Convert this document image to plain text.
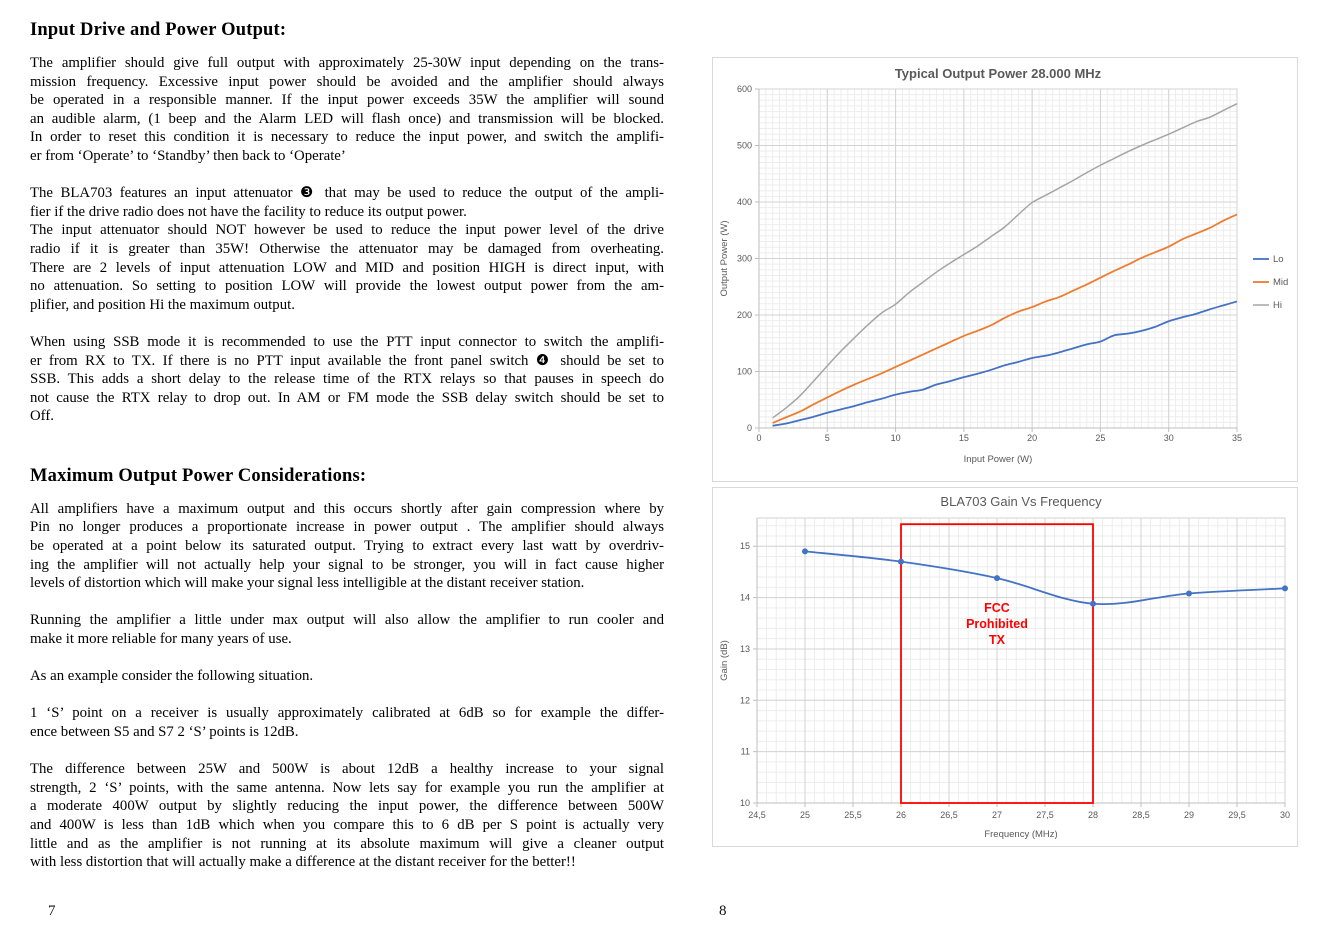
Input Drive and Power Output:
The amplifier should give full output with approximately 25-30W input depending on the trans-
mission frequency. Excessive input power should be avoided and the amplifier should always
be operated in a responsible manner. If the input power exceeds 35W the amplifier will sound
an audible alarm, (1 beep and the Alarm LED will flash once) and transmission will be blocked.
In order to reset this condition it is necessary to reduce the input power, and switch the amplifi-
er from ‘Operate’ to ‘Standby’ then back to ‘Operate’
The BLA703 features an input attenuator ❸ that may be used to reduce the output of the ampli-
fier if the drive radio does not have the facility to reduce its output power.
The input attenuator should NOT however be used to reduce the input power level of the drive
radio if it is greater than 35W! Otherwise the attenuator may be damaged from overheating.
There are 2 levels of input attenuation LOW and MID and position HIGH is direct input, with
no attenuation. So setting to position LOW will provide the lowest output power from the am-
plifier, and position Hi the maximum output.
When using SSB mode it is recommended to use the PTT input connector to switch the amplifi-
er from RX to TX. If there is no PTT input available the front panel switch ❹ should be set to
SSB. This adds a short delay to the release time of the RTX relays so that pauses in speech do
not cause the RTX relay to drop out. In AM or FM mode the SSB delay switch should be set to
Off.
Maximum Output Power Considerations:
All amplifiers have a maximum output and this occurs shortly after gain compression where by
Pin no longer produces a proportionate increase in power output . The amplifier should always
be operated at a point below its saturated output. Trying to extract every last watt by overdriv-
ing the amplifier will not actually help your signal to be stronger, you will in fact cause higher
levels of distortion which will make your signal less intelligible at the distant receiver station.
Running the amplifier a little under max output will also allow the amplifier to run cooler and
make it more reliable for many years of use.
As an example consider the following situation.
1 ‘S’ point on a receiver is usually approximately calibrated at 6dB so for example the differ-
ence between S5 and S7 2 ‘S’ points is 12dB.
The difference between 25W and 500W is about 12dB a healthy increase to your signal
strength, 2 ‘S’ points, with the same antenna. Now lets say for example you run the amplifier at
a moderate 400W output by slightly reducing the input power, the difference between 500W
and 400W is less than 1dB which when you compare this to 6 dB per S point is actually very
little and as the amplifier is not running at its absolute maximum will give a cleaner output
with less distortion that will actually make a difference at the distant receiver for the better!!
0	5	10	15	20	25	30	35
0
100
200
300
400
500
600
Lo
Mid
Hi
Input Power (W)
Output Power (W)
Typical Output Power 28.000 MHz
24,5	25	25,5	26	26,5	27	27,5	28	28,5	29	29,5	30
10
11
12
13
14
15
FCC Prohibited TX
Frequency (MHz)
Gain (dB)
BLA703 Gain Vs Frequency
7	8
